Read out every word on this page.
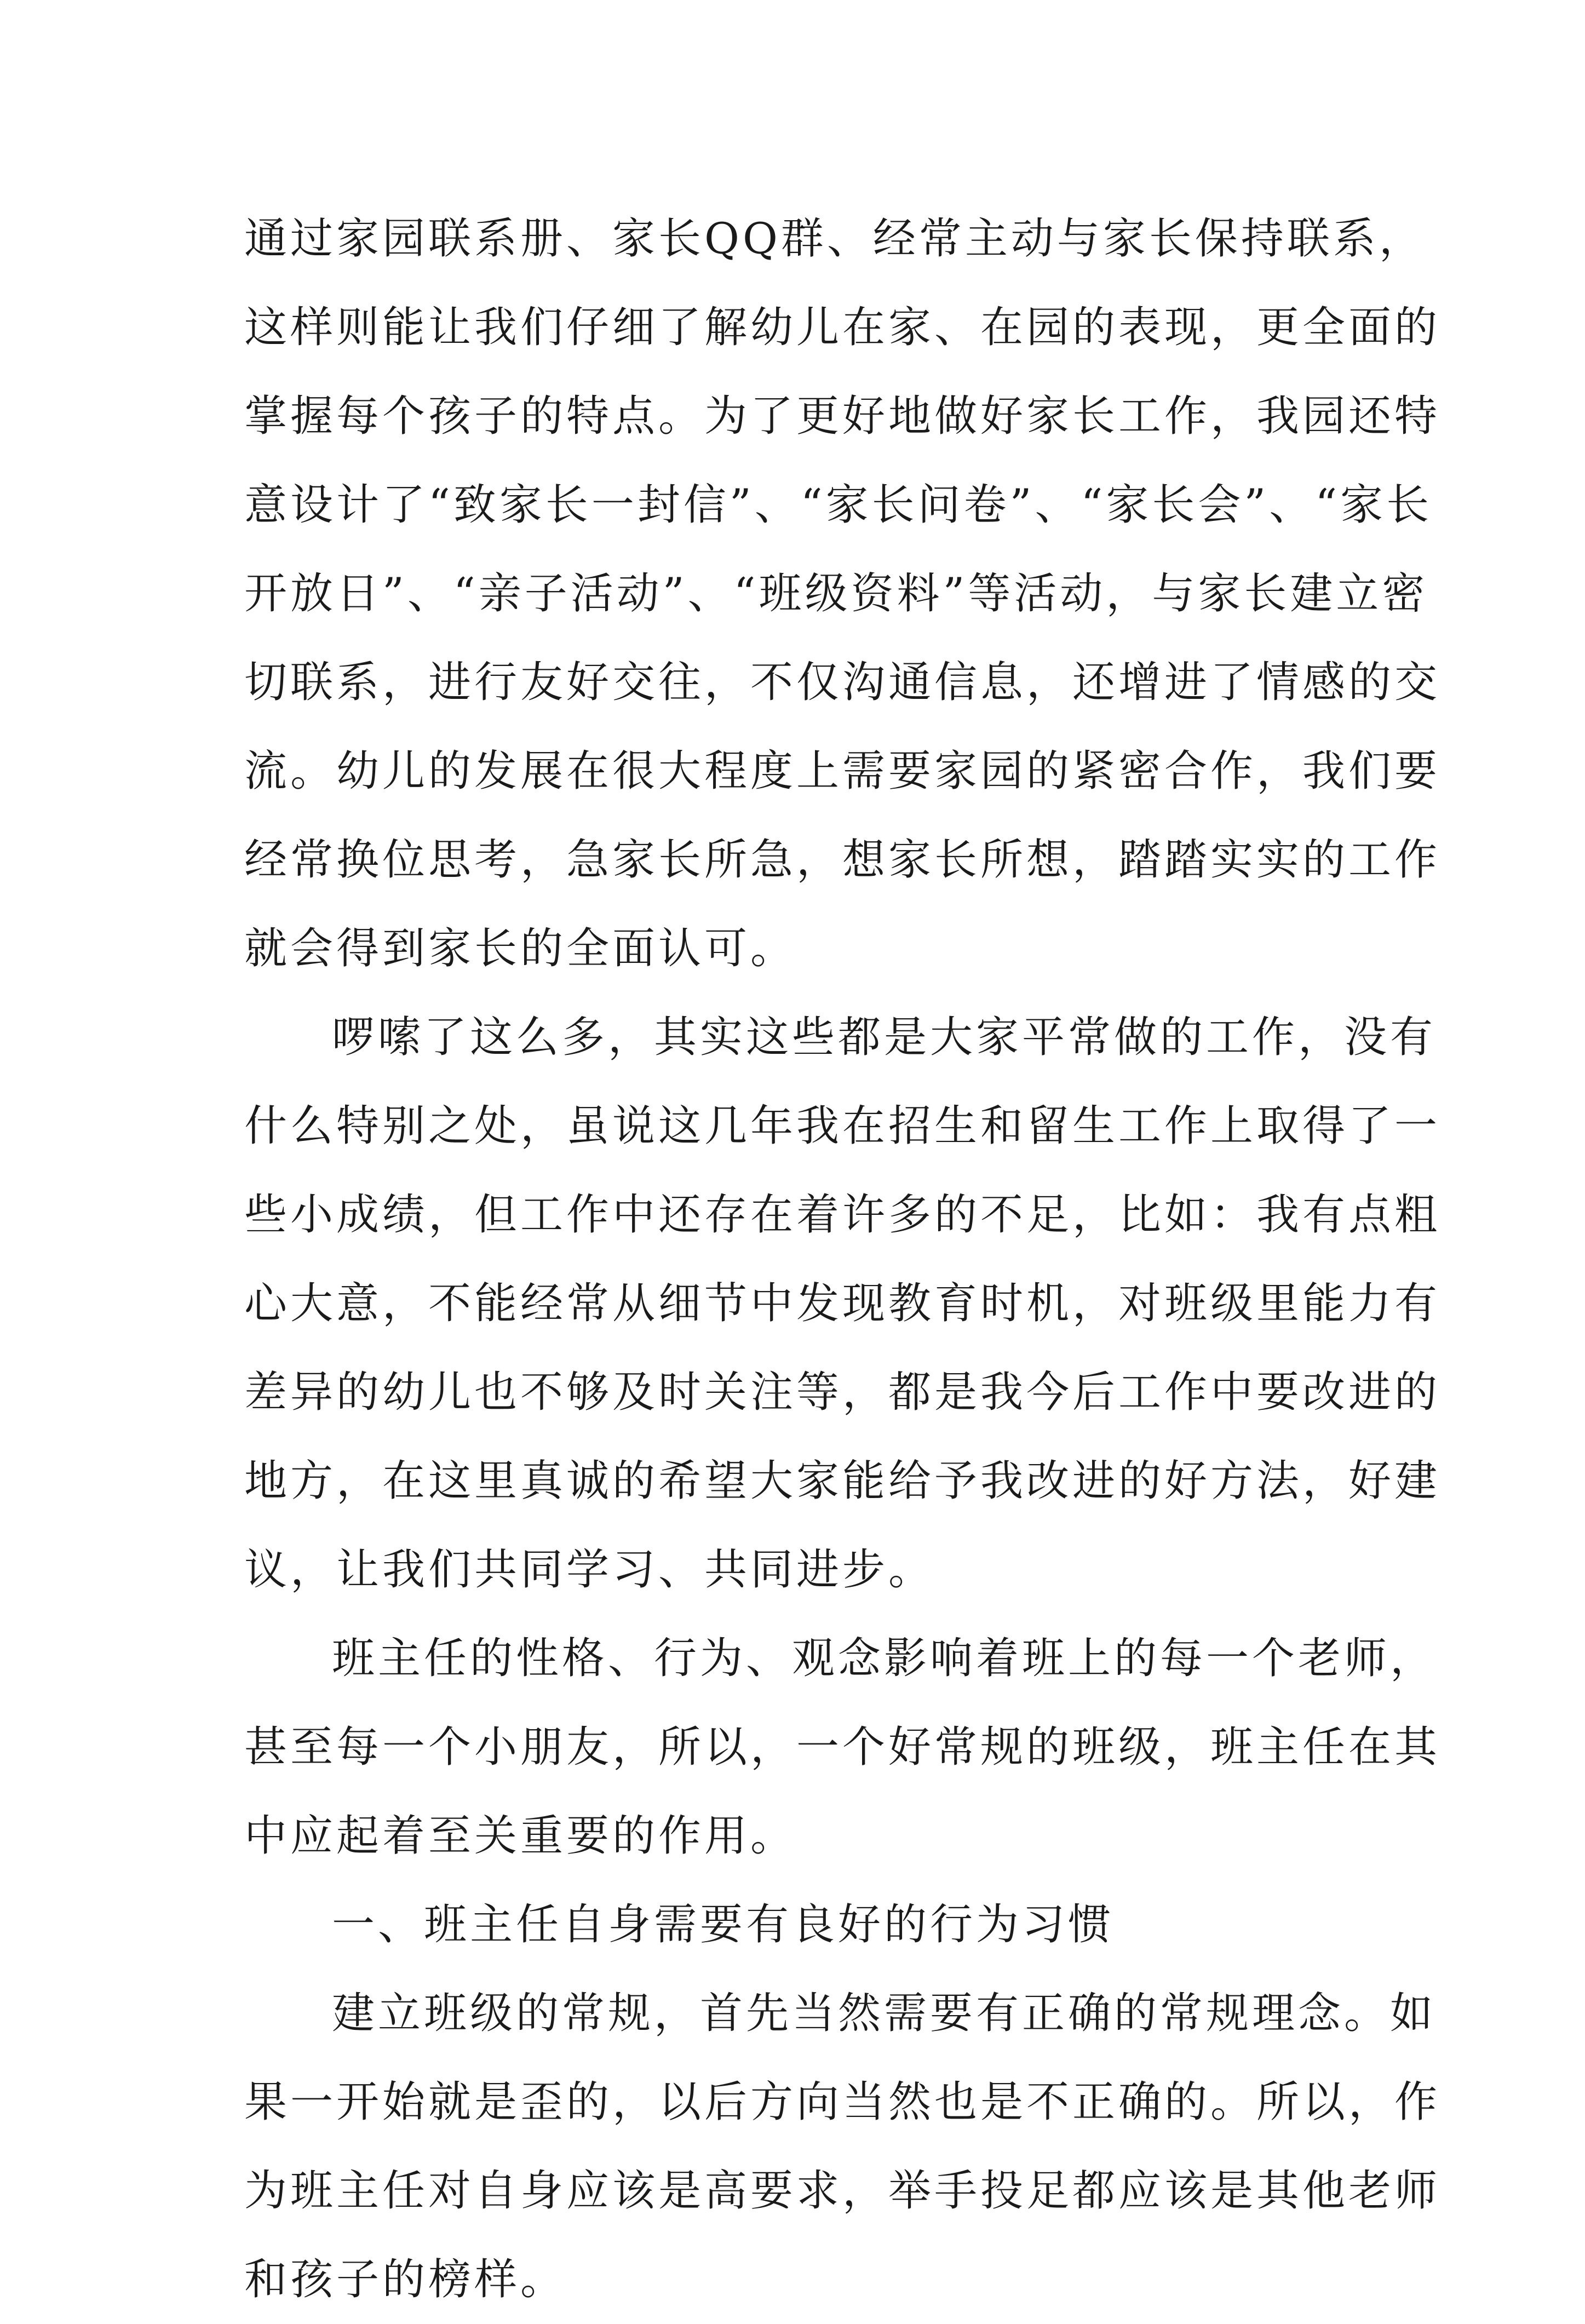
通过家园联系册、家长QQ群、经常主动与家长保持联系，
这样则能让我们仔细了解幼儿在家、在园的表现，更全面的
掌握每个孩子的特点。为了更好地做好家长工作，我园还特
意设计了“致家长一封信”、“家长问卷”、“家长会”、“家长
开放日”、“亲子活动”、“班级资料”等活动，与家长建立密
切联系，进行友好交往，不仅沟通信息，还增进了情感的交
流。幼儿的发展在很大程度上需要家园的紧密合作，我们要
经常换位思考，急家长所急，想家长所想，踏踏实实的工作
就会得到家长的全面认可。
啰嗦了这么多，其实这些都是大家平常做的工作，没有
什么特别之处，虽说这几年我在招生和留生工作上取得了一
些小成绩，但工作中还存在着许多的不足，比如：我有点粗
心大意，不能经常从细节中发现教育时机，对班级里能力有
差异的幼儿也不够及时关注等，都是我今后工作中要改进的
地方，在这里真诚的希望大家能给予我改进的好方法，好建
议，让我们共同学习、共同进步。
班主任的性格、行为、观念影响着班上的每一个老师，
甚至每一个小朋友，所以，一个好常规的班级，班主任在其
中应起着至关重要的作用。
一、班主任自身需要有良好的行为习惯
建立班级的常规，首先当然需要有正确的常规理念。如
果一开始就是歪的，以后方向当然也是不正确的。所以，作
为班主任对自身应该是高要求，举手投足都应该是其他老师
和孩子的榜样。
